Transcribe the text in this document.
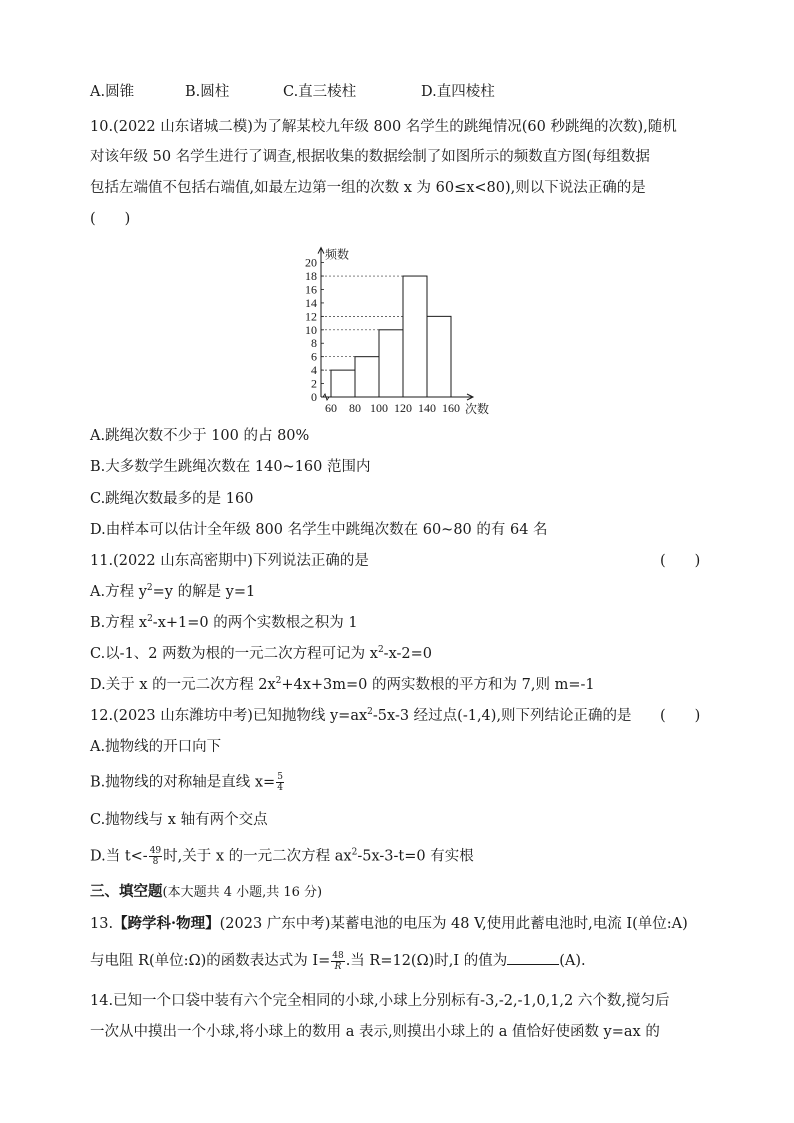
A.圆锥	B.圆柱	C.直三棱柱	D.直四棱柱
10.(2022 山东诸城二模)为了解某校九年级 800 名学生的跳绳情况(60 秒跳绳的次数),随机
对该年级 50 名学生进行了调查,根据收集的数据绘制了如图所示的频数直方图(每组数据
包括左端值不包括右端值,如最左边第一组的次数 x 为 60≤x<80),则以下说法正确的是
(　　)
0
2
4
6
8
10
12
14
16
18
20
60 80 100 120 140 160
频数
次数
A.跳绳次数不少于 100 的占 80%
B.大多数学生跳绳次数在 140~160 范围内
C.跳绳次数最多的是 160
D.由样本可以估计全年级 800 名学生中跳绳次数在 60~80 的有 64 名
11.(2022 山东高密期中)下列说法正确的是	(　　)
A.方程 $y^2=y$ 的解是 y=1
B.方程 $x^2-x+1=0$ 的两个实数根之积为 1
C.以-1、2 两数为根的一元二次方程可记为 $x^2-x-2=0$
D.关于 x 的一元二次方程 $2x^2+4x+3m=0$ 的两实数根的平方和为 7,则 m=-1
12.(2023 山东潍坊中考)已知抛物线 $y=ax^2-5x-3$ 经过点(-1,4),则下列结论正确的是 (　　)
A.抛物线的开口向下
B.抛物线的对称轴是直线 $x= \frac{5}{4}$
C.抛物线与 x 轴有两个交点
D.当 $t<- \frac{49}{8}$ 时,关于 x 的一元二次方程 $ax^2-5x-3-t=0$ 有实根
三、填空题(本大题共 4 小题,共 16 分)
13.【跨学科·物理】(2023 广东中考)某蓄电池的电压为 48 V,使用此蓄电池时,电流 I(单位:A)
与电阻 R(单位:Ω)的函数表达式为 $I= \frac{48}{R}$ .当 R=12(Ω)时,I 的值为	(A).
14.已知一个口袋中装有六个完全相同的小球,小球上分别标有-3,-2,-1,0,1,2 六个数,搅匀后
一次从中摸出一个小球,将小球上的数用 a 表示,则摸出小球上的 a 值恰好使函数 y=ax 的
